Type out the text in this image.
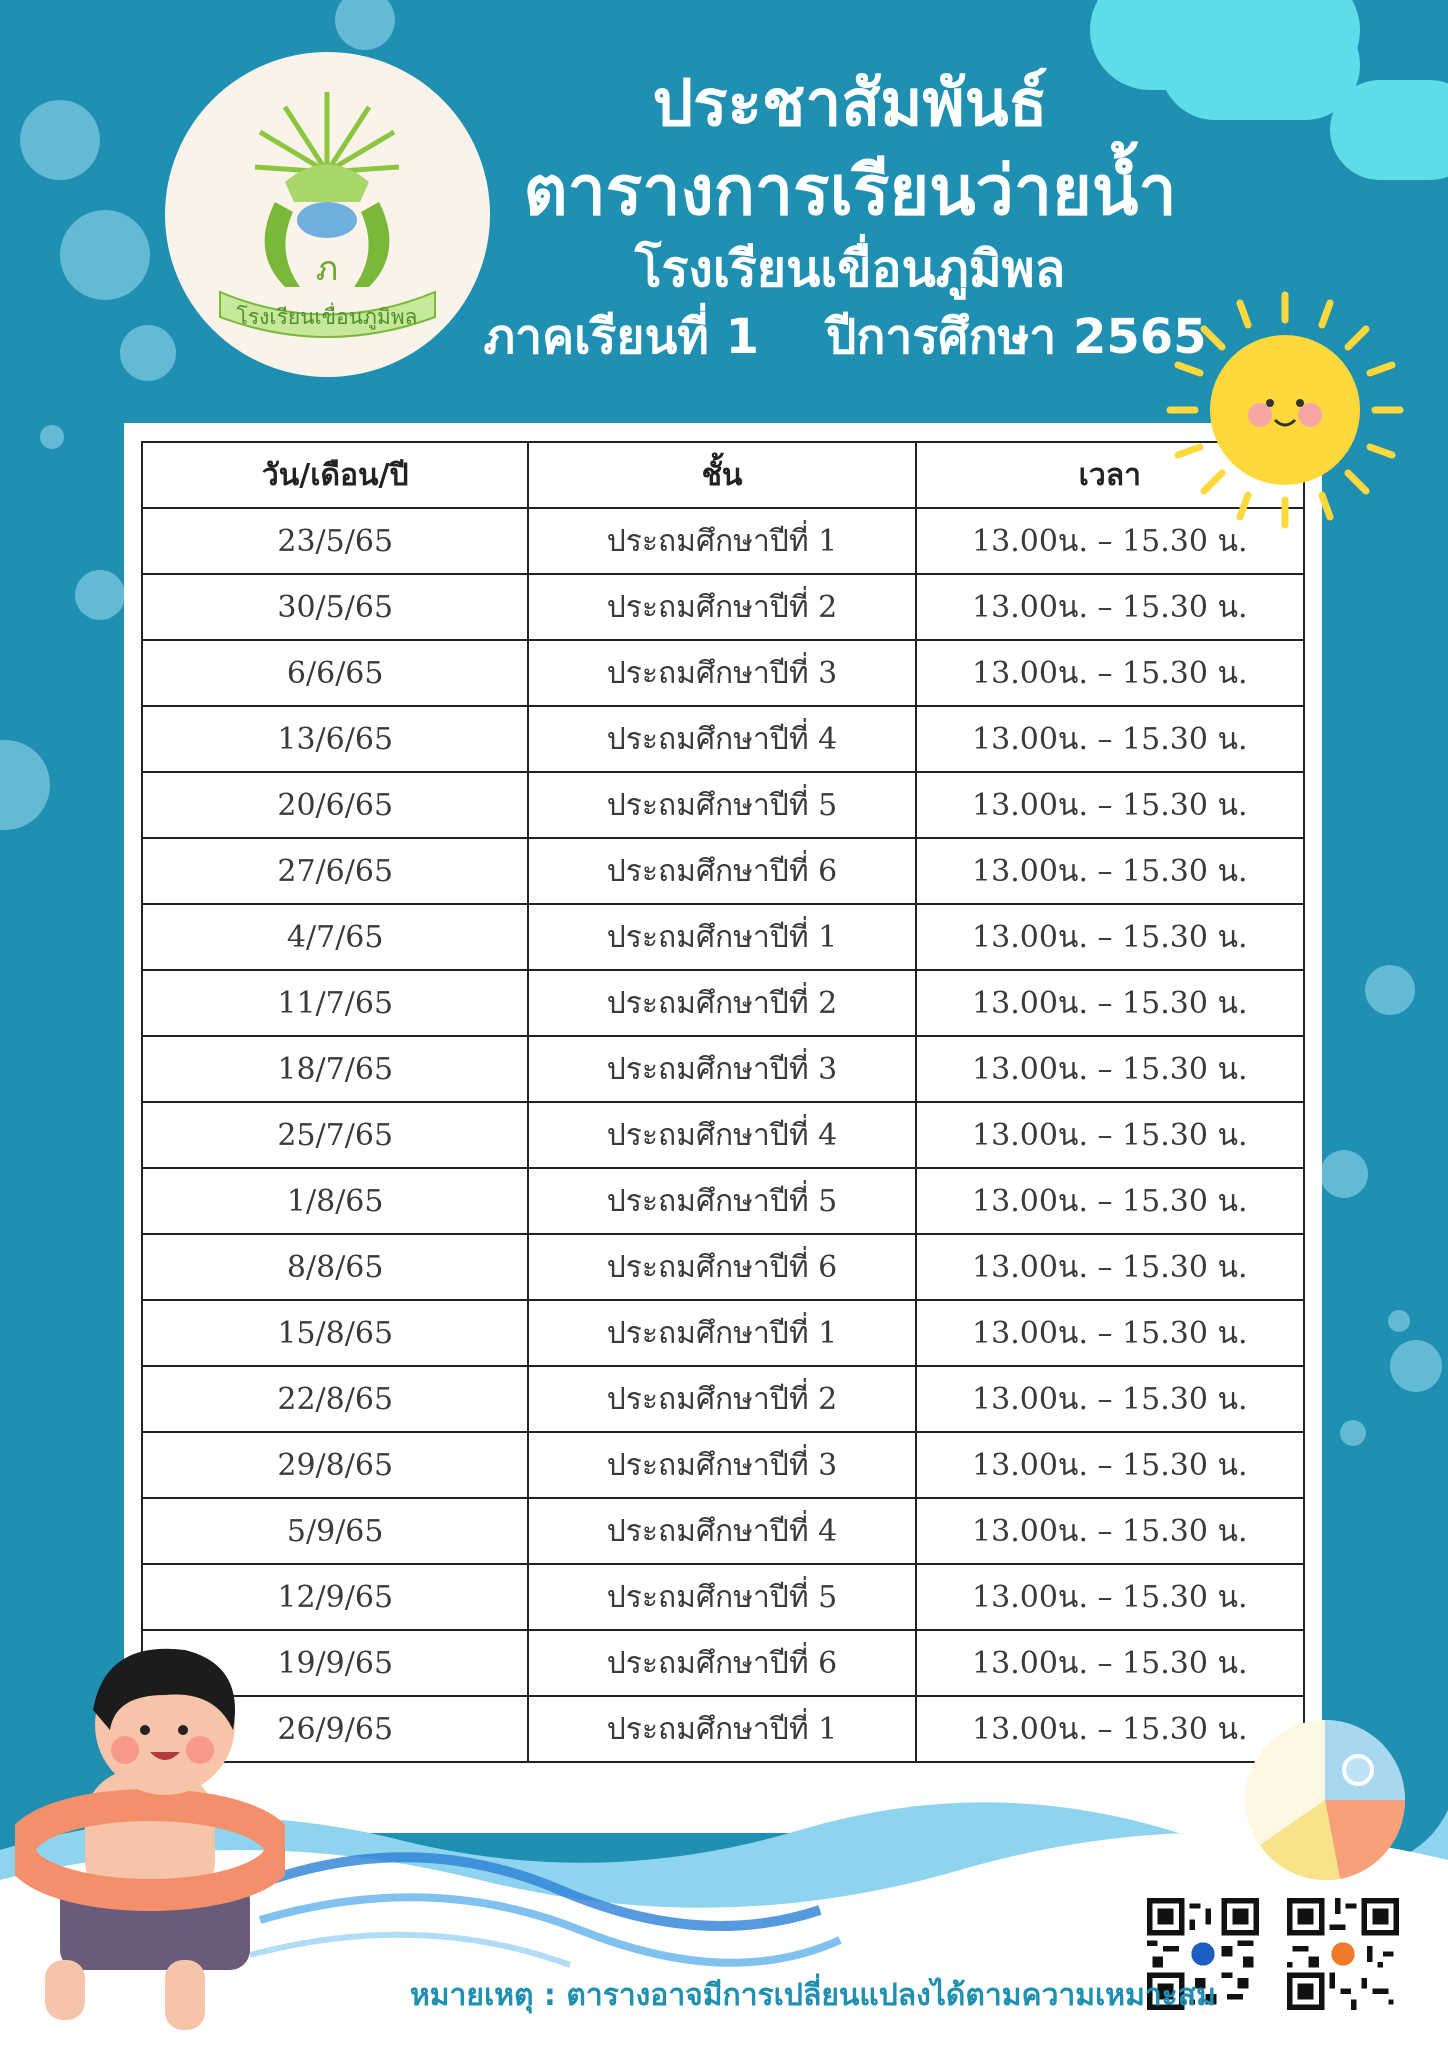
ภ
โรงเรียนเขื่อนภูมิพล
ประชาสัมพันธ์
ตารางการเรียนว่ายน้ำ
โรงเรียนเขื่อนภูมิพล
ภาคเรียนที่ 1    ปีการศึกษา 2565
วัน/เดือน/ปี	ชั้น	เวลา
23/5/65	ประถมศึกษาปีที่ 1	13.00น. – 15.30 น.
30/5/65	ประถมศึกษาปีที่ 2	13.00น. – 15.30 น.
6/6/65	ประถมศึกษาปีที่ 3	13.00น. – 15.30 น.
13/6/65	ประถมศึกษาปีที่ 4	13.00น. – 15.30 น.
20/6/65	ประถมศึกษาปีที่ 5	13.00น. – 15.30 น.
27/6/65	ประถมศึกษาปีที่ 6	13.00น. – 15.30 น.
4/7/65	ประถมศึกษาปีที่ 1	13.00น. – 15.30 น.
11/7/65	ประถมศึกษาปีที่ 2	13.00น. – 15.30 น.
18/7/65	ประถมศึกษาปีที่ 3	13.00น. – 15.30 น.
25/7/65	ประถมศึกษาปีที่ 4	13.00น. – 15.30 น.
1/8/65	ประถมศึกษาปีที่ 5	13.00น. – 15.30 น.
8/8/65	ประถมศึกษาปีที่ 6	13.00น. – 15.30 น.
15/8/65	ประถมศึกษาปีที่ 1	13.00น. – 15.30 น.
22/8/65	ประถมศึกษาปีที่ 2	13.00น. – 15.30 น.
29/8/65	ประถมศึกษาปีที่ 3	13.00น. – 15.30 น.
5/9/65	ประถมศึกษาปีที่ 4	13.00น. – 15.30 น.
12/9/65	ประถมศึกษาปีที่ 5	13.00น. – 15.30 น.
19/9/65	ประถมศึกษาปีที่ 6	13.00น. – 15.30 น.
26/9/65	ประถมศึกษาปีที่ 1	13.00น. – 15.30 น.

หมายเหตุ : ตารางอาจมีการเปลี่ยนแปลงได้ตามความเหมาะสม
